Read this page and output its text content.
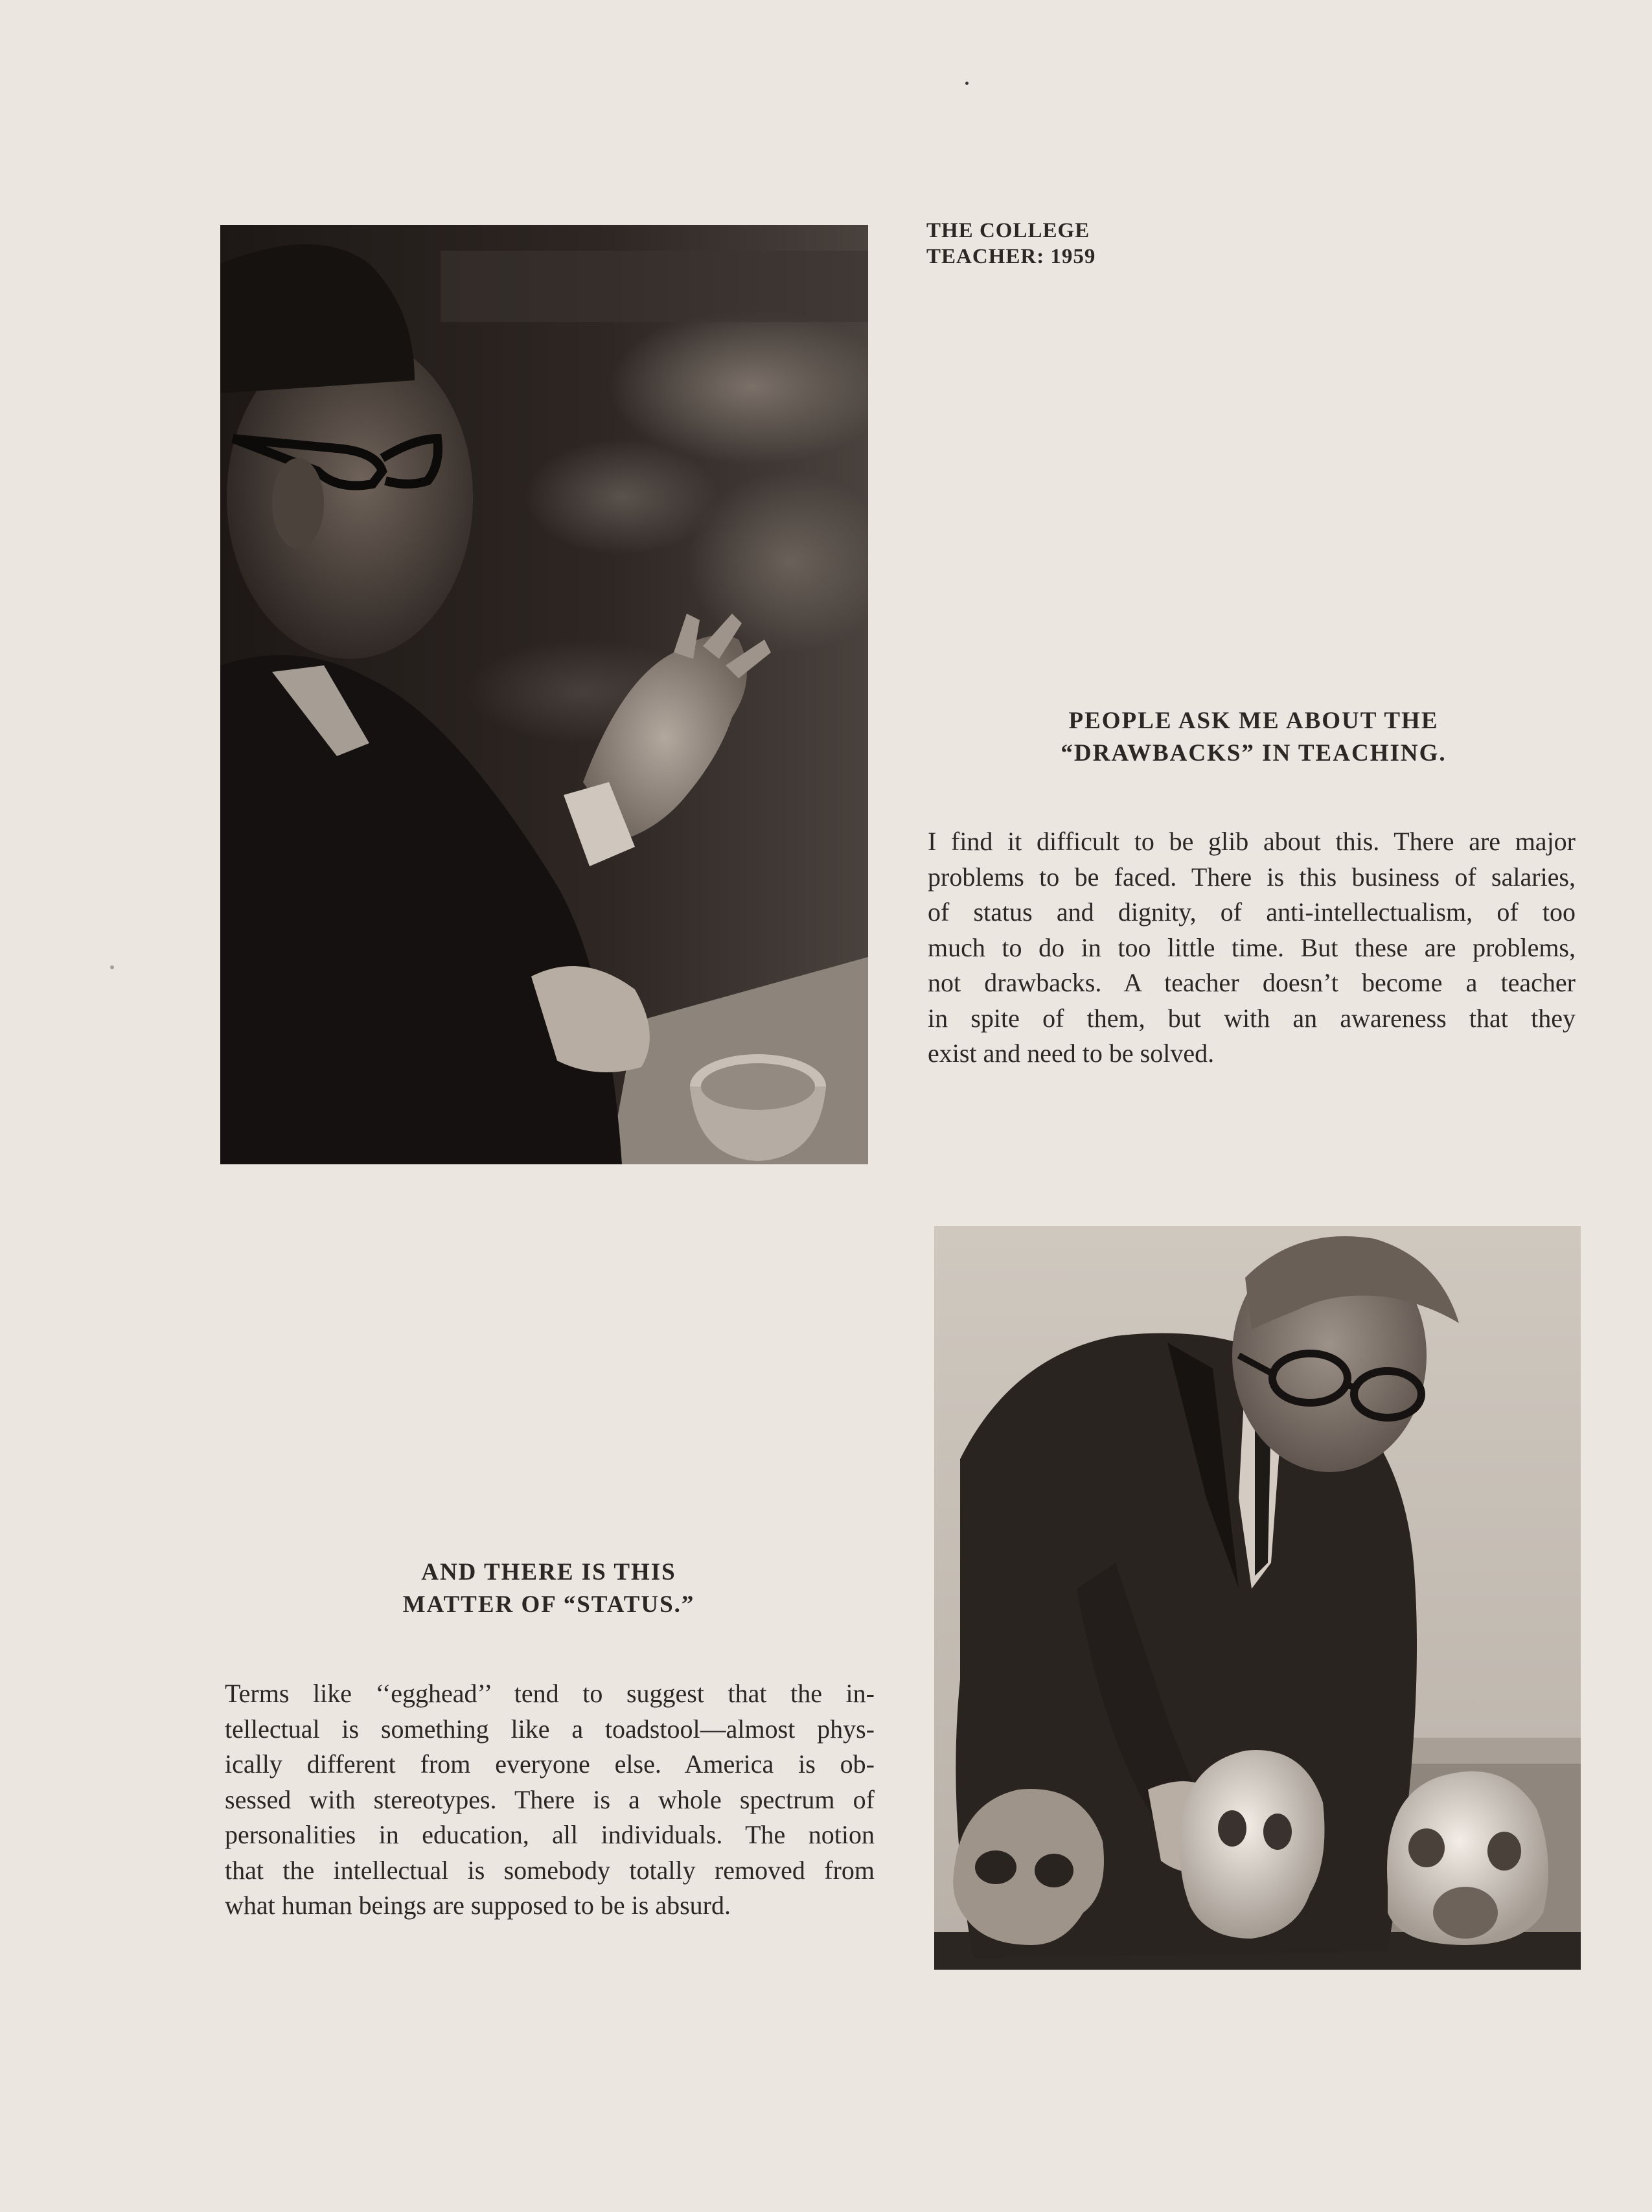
THE COLLEGE
TEACHER: 1959
PEOPLE ASK ME ABOUT THE
“DRAWBACKS” IN TEACHING.
I find it difficult to be glib about this. There are major
problems to be faced. There is this business of salaries,
of status and dignity, of anti-intellectualism, of too
much to do in too little time. But these are problems,
not drawbacks. A teacher doesn’t become a teacher
in spite of them, but with an awareness that they
exist and need to be solved.
AND THERE IS THIS
MATTER OF “STATUS.”
Terms like ‘‘egghead’’ tend to suggest that the in-
tellectual is something like a toadstool—almost phys-
ically different from everyone else. America is ob-
sessed with stereotypes. There is a whole spectrum of
personalities in education, all individuals. The notion
that the intellectual is somebody totally removed from
what human beings are supposed to be is absurd.
